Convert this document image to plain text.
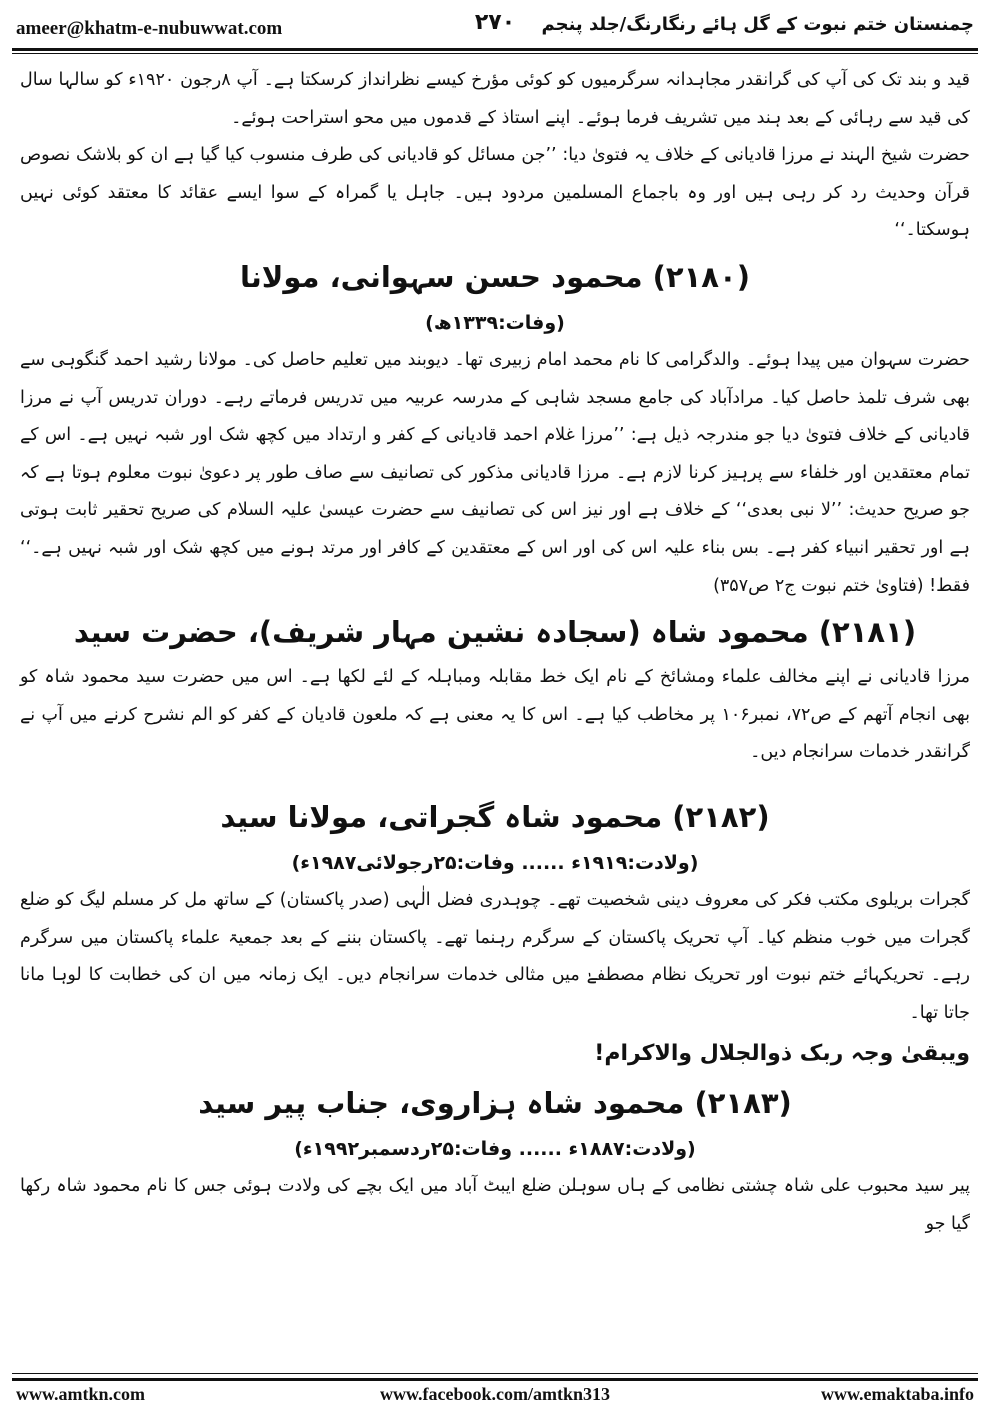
ameer@khatm-e-nubuwwat.com	۲۷۰	چمنستان ختم نبوت کے گل ہائے رنگارنگ/جلد پنجم

قید و بند تک کی آپ کی گرانقدر مجاہدانہ سرگرمیوں کو کوئی مؤرخ کیسے نظرانداز کرسکتا ہے۔ آپ ۸رجون ۱۹۲۰ء کو سالہا سال کی قید سے رہائی کے بعد ہند میں تشریف فرما ہوئے۔ اپنے استاذ کے قدموں میں محو استراحت ہوئے۔

حضرت شیخ الہند نے مرزا قادیانی کے خلاف یہ فتویٰ دیا: ’’جن مسائل کو قادیانی کی طرف منسوب کیا گیا ہے ان کو بلاشک نصوص قرآن وحدیث رد کر رہی ہیں اور وہ باجماع المسلمین مردود ہیں۔ جاہل یا گمراہ کے سوا ایسے عقائد کا معتقد کوئی نہیں ہوسکتا۔‘‘

(۲۱۸۰) محمود حسن سہوانی، مولانا
(وفات:۱۳۳۹ھ)

حضرت سہوان میں پیدا ہوئے۔ والدگرامی کا نام محمد امام زبیری تھا۔ دیوبند میں تعلیم حاصل کی۔ مولانا رشید احمد گنگوہی سے بھی شرف تلمذ حاصل کیا۔ مرادآباد کی جامع مسجد شاہی کے مدرسہ عربیہ میں تدریس فرماتے رہے۔ دوران تدریس آپ نے مرزا قادیانی کے خلاف فتویٰ دیا جو مندرجہ ذیل ہے: ’’مرزا غلام احمد قادیانی کے کفر و ارتداد میں کچھ شک اور شبہ نہیں ہے۔ اس کے تمام معتقدین اور خلفاء سے پرہیز کرنا لازم ہے۔ مرزا قادیانی مذکور کی تصانیف سے صاف طور پر دعویٰ نبوت معلوم ہوتا ہے کہ جو صریح حدیث: ’’لا نبی بعدی‘‘ کے خلاف ہے اور نیز اس کی تصانیف سے حضرت عیسیٰ علیہ السلام کی صریح تحقیر ثابت ہوتی ہے اور تحقیر انبیاء کفر ہے۔ بس بناء علیہ اس کی اور اس کے معتقدین کے کافر اور مرتد ہونے میں کچھ شک اور شبہ نہیں ہے۔‘‘ فقط! (فتاویٰ ختم نبوت ج۲ ص۳۵۷)

(۲۱۸۱) محمود شاہ (سجادہ نشین مہار شریف)، حضرت سید

مرزا قادیانی نے اپنے مخالف علماء ومشائخ کے نام ایک خط مقابلہ ومباہلہ کے لئے لکھا ہے۔ اس میں حضرت سید محمود شاہ کو بھی انجام آتھم کے ص۷۲، نمبر۱۰۶ پر مخاطب کیا ہے۔ اس کا یہ معنی ہے کہ ملعون قادیان کے کفر کو الم نشرح کرنے میں آپ نے گرانقدر خدمات سرانجام دیں۔

(۲۱۸۲) محمود شاہ گجراتی، مولانا سید
(ولادت:۱۹۱۹ء ...... وفات:۲۵رجولائی۱۹۸۷ء)

گجرات بریلوی مکتب فکر کی معروف دینی شخصیت تھے۔ چوہدری فضل الٰہی (صدر پاکستان) کے ساتھ مل کر مسلم لیگ کو ضلع گجرات میں خوب منظم کیا۔ آپ تحریک پاکستان کے سرگرم رہنما تھے۔ پاکستان بننے کے بعد جمعیۃ علماء پاکستان میں سرگرم رہے۔ تحریکہائے ختم نبوت اور تحریک نظام مصطفےٰ میں مثالی خدمات سرانجام دیں۔ ایک زمانہ میں ان کی خطابت کا لوہا مانا جاتا تھا۔

ویبقیٰ وجہ ربک ذوالجلال والاکرام!

(۲۱۸۳) محمود شاہ ہزاروی، جناب پیر سید
(ولادت:۱۸۸۷ء ...... وفات:۲۵ردسمبر۱۹۹۲ء)

پیر سید محبوب علی شاہ چشتی نظامی کے ہاں سوہلن ضلع ایبٹ آباد میں ایک بچے کی ولادت ہوئی جس کا نام محمود شاہ رکھا گیا جو

www.amtkn.com	www.facebook.com/amtkn313	www.emaktaba.info
